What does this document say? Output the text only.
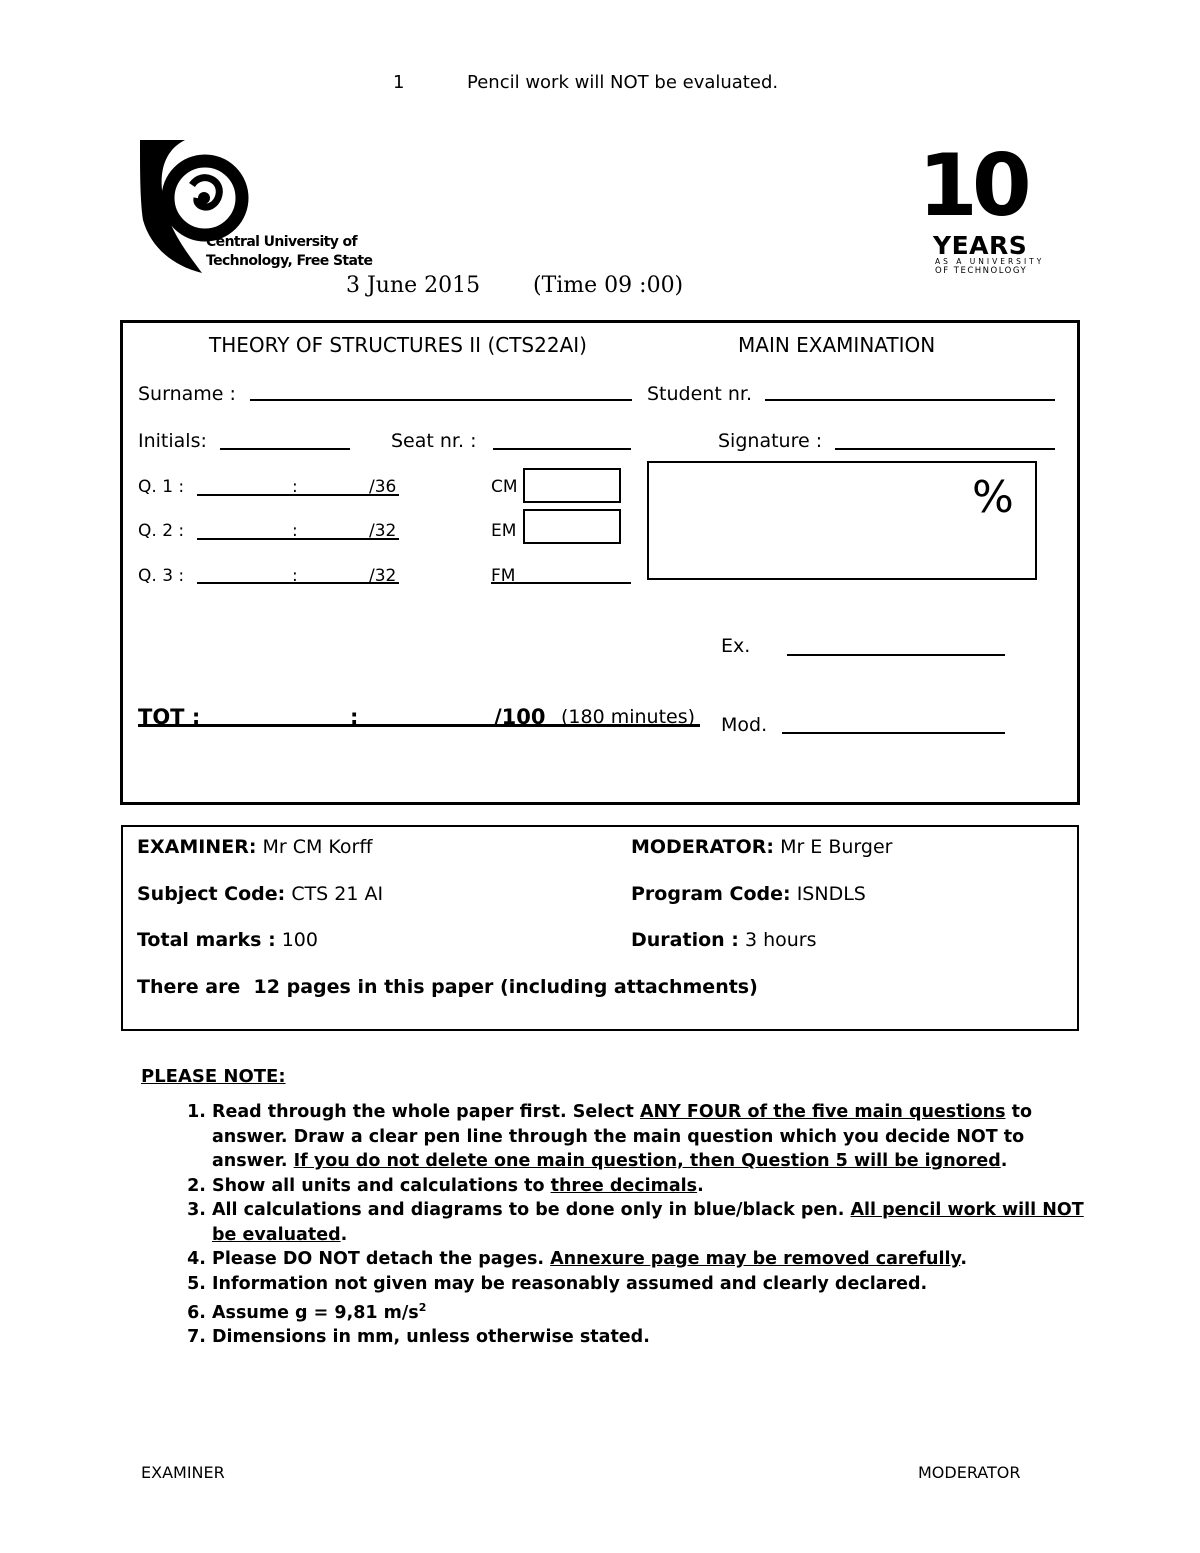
1	Pencil work will NOT be evaluated.
Central University of
Technology, Free State
10
YEARS
AS A UNIVERSITY
OF TECHNOLOGY
3 June 2015 (Time 09 :00)
THEORY OF STRUCTURES II (CTS22AI)	MAIN EXAMINATION
Surname :	Student nr.
Initials:	Seat nr. :	Signature :
Q. 1 :	:	/36
Q. 2 :	:	/32
Q. 3 :	:	/32
CM
EM
FM
%
Ex.
Mod.
TOT :	:	/100 (180 minutes)
EXAMINER: Mr CM Korff	MODERATOR: Mr E Burger
Subject Code: CTS 21 AI	Program Code: ISNDLS
Total marks : 100	Duration : 3 hours
There are  12 pages in this paper (including attachments)
PLEASE NOTE:
1. Read through the whole paper first. Select ANY FOUR of the five main questions to answer. Draw a clear pen line through the main question which you decide NOT to answer. If you do not delete one main question, then Question 5 will be ignored.
2. Show all units and calculations to three decimals.
3. All calculations and diagrams to be done only in blue/black pen. All pencil work will NOT be evaluated.
4. Please DO NOT detach the pages. Annexure page may be removed carefully.
5. Information not given may be reasonably assumed and clearly declared.
6. Assume g = 9,81 $m/s^2$
7. Dimensions in mm, unless otherwise stated.
EXAMINER	MODERATOR
